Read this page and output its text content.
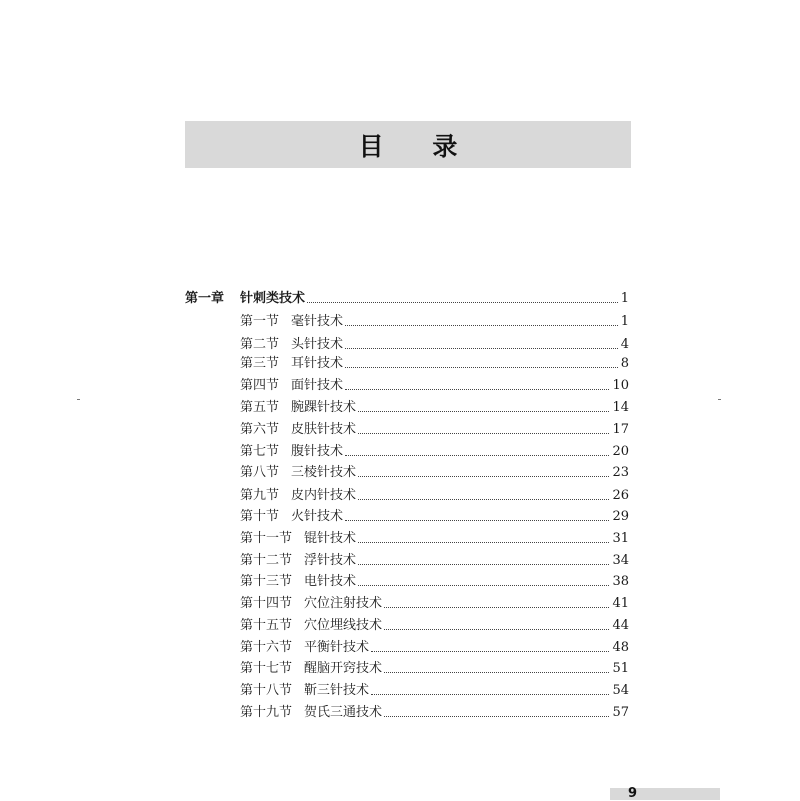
目 录
第一章 针刺类技术	1
第一节 毫针技术	1
第二节 头针技术	4
第三节 耳针技术	8
第四节 面针技术	10
第五节 腕踝针技术	14
第六节 皮肤针技术	17
第七节 腹针技术	20
第八节 三棱针技术	23
第九节 皮内针技术	26
第十节 火针技术	29
第十一节 锟针技术	31
第十二节 浮针技术	34
第十三节 电针技术	38
第十四节 穴位注射技术	41
第十五节 穴位埋线技术	44
第十六节 平衡针技术	48
第十七节 醒脑开窍技术	51
第十八节 靳三针技术	54
第十九节 贺氏三通技术	57
9
